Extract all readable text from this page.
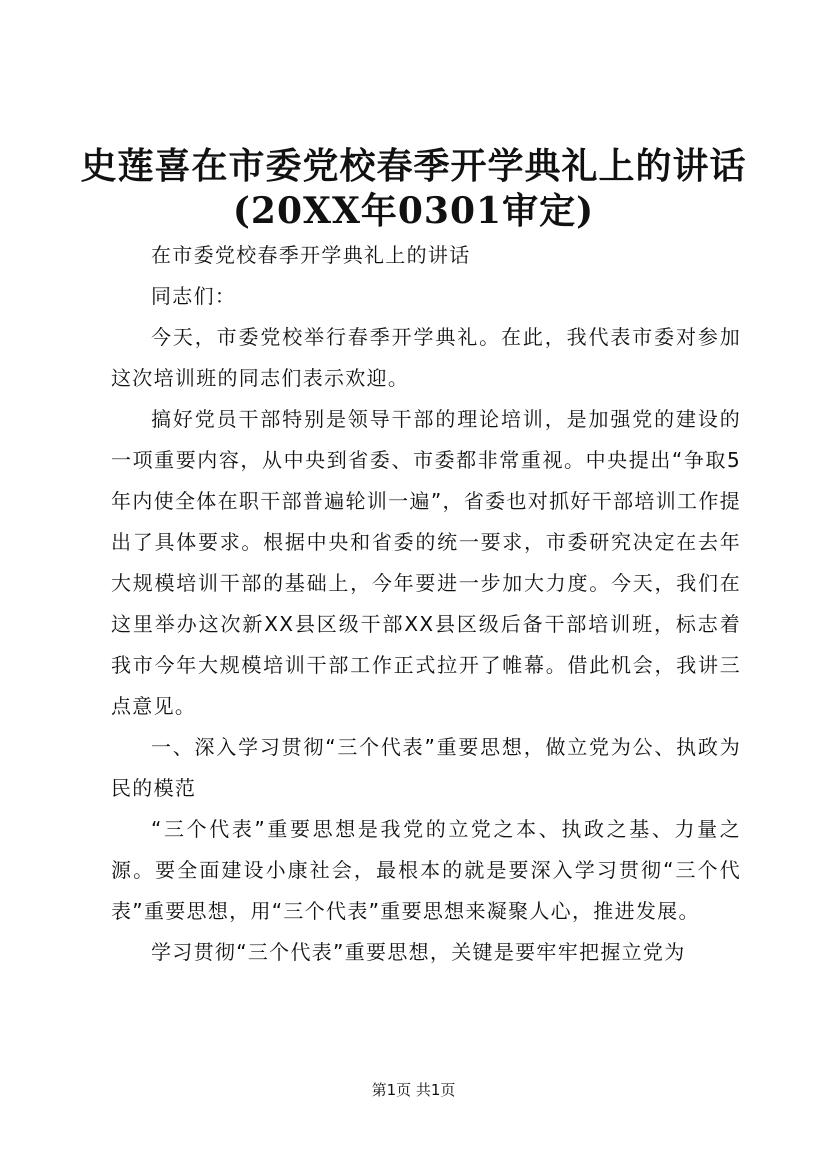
史莲喜在市委党校春季开学典礼上的讲话
(20XX年0301审定)

在市委党校春季开学典礼上的讲话

同志们：

今天，市委党校举行春季开学典礼。在此，我代表市委对参加这次培训班的同志们表示欢迎。

搞好党员干部特别是领导干部的理论培训，是加强党的建设的一项重要内容，从中央到省委、市委都非常重视。中央提出“争取5年内使全体在职干部普遍轮训一遍”，省委也对抓好干部培训工作提出了具体要求。根据中央和省委的统一要求，市委研究决定在去年大规模培训干部的基础上，今年要进一步加大力度。今天，我们在这里举办这次新XX县区级干部XX县区级后备干部培训班，标志着我市今年大规模培训干部工作正式拉开了帷幕。借此机会，我讲三点意见。

一、深入学习贯彻“三个代表”重要思想，做立党为公、执政为民的模范

“三个代表”重要思想是我党的立党之本、执政之基、力量之源。要全面建设小康社会，最根本的就是要深入学习贯彻“三个代表”重要思想，用“三个代表”重要思想来凝聚人心，推进发展。

学习贯彻“三个代表”重要思想，关键是要牢牢把握立党为

第1页 共1页
